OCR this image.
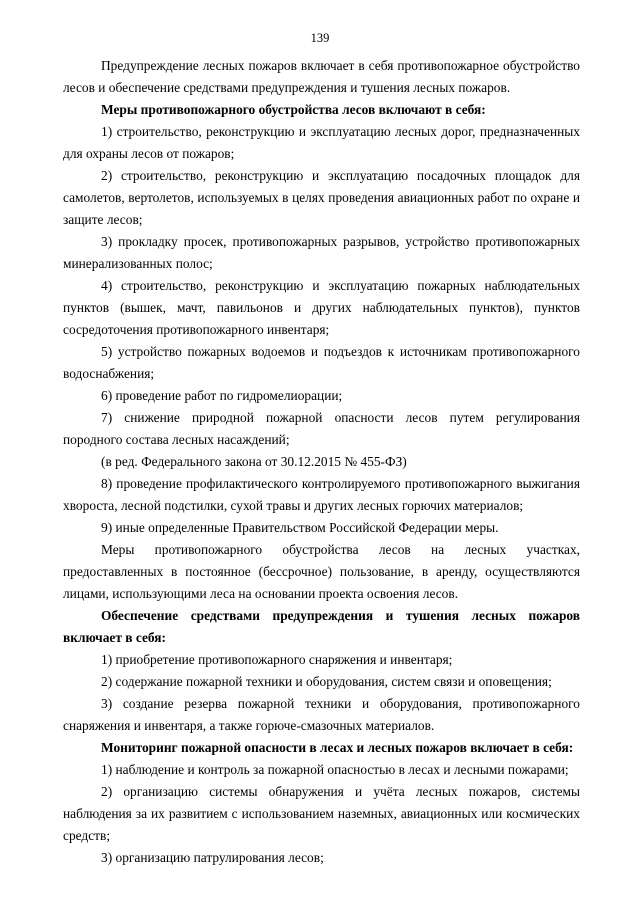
139

Предупреждение лесных пожаров включает в себя противопожарное обустройство лесов и обеспечение средствами предупреждения и тушения лесных пожаров.

Меры противопожарного обустройства лесов включают в себя:

1) строительство, реконструкцию и эксплуатацию лесных дорог, предназначенных для охраны лесов от пожаров;

2) строительство, реконструкцию и эксплуатацию посадочных площадок для самолетов, вертолетов, используемых в целях проведения авиационных работ по охране и защите лесов;

3) прокладку просек, противопожарных разрывов, устройство противопожарных минерализованных полос;

4) строительство, реконструкцию и эксплуатацию пожарных наблюдательных пунктов (вышек, мачт, павильонов и других наблюдательных пунктов), пунктов сосредоточения противопожарного инвентаря;

5) устройство пожарных водоемов и подъездов к источникам противопожарного водоснабжения;

6) проведение работ по гидромелиорации;

7) снижение природной пожарной опасности лесов путем регулирования породного состава лесных насаждений;

(в ред. Федерального закона от 30.12.2015 № 455-ФЗ)

8) проведение профилактического контролируемого противопожарного выжигания хвороста, лесной подстилки, сухой травы и других лесных горючих материалов;

9) иные определенные Правительством Российской Федерации меры.

Меры противопожарного обустройства лесов на лесных участках, предоставленных в постоянное (бессрочное) пользование, в аренду, осуществляются лицами, использующими леса на основании проекта освоения лесов.

Обеспечение средствами предупреждения и тушения лесных пожаров включает в себя:

1) приобретение противопожарного снаряжения и инвентаря;

2) содержание пожарной техники и оборудования, систем связи и оповещения;

3) создание резерва пожарной техники и оборудования, противопожарного снаряжения и инвентаря, а также горюче-смазочных материалов.

Мониторинг пожарной опасности в лесах и лесных пожаров включает в себя:

1) наблюдение и контроль за пожарной опасностью в лесах и лесными пожарами;

2) организацию системы обнаружения и учёта лесных пожаров, системы наблюдения за их развитием с использованием наземных, авиационных или космических средств;

3) организацию патрулирования лесов;
